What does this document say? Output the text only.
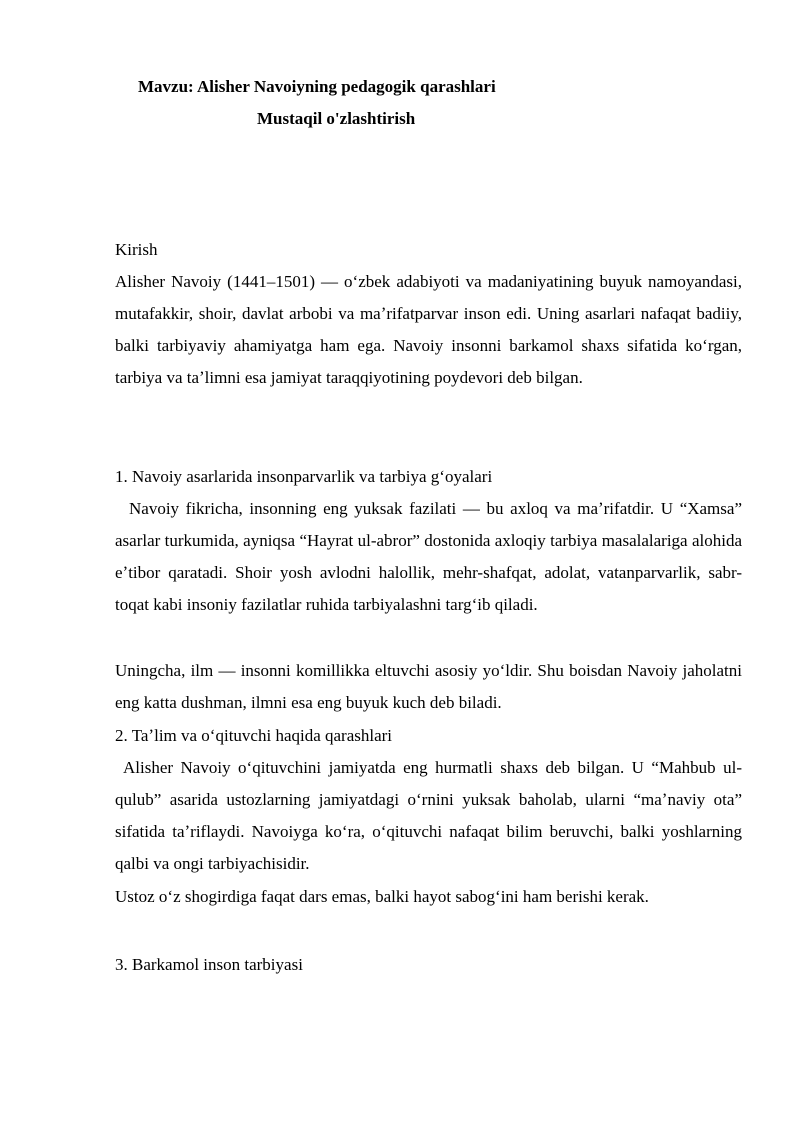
Mavzu: Alisher Navoiyning pedagogik qarashlari
Mustaqil o'zlashtirish

Kirish

Alisher Navoiy (1441–1501) — oʻzbek adabiyoti va madaniyatining buyuk namoyandasi, mutafakkir, shoir, davlat arbobi va maʼrifatparvar inson edi. Uning asarlari nafaqat badiiy, balki tarbiyaviy ahamiyatga ham ega. Navoiy insonni barkamol shaxs sifatida koʻrgan, tarbiya va taʼlimni esa jamiyat taraqqiyotining poydevori deb bilgan.

1. Navoiy asarlarida insonparvarlik va tarbiya gʻoyalari

Navoiy fikricha, insonning eng yuksak fazilati — bu axloq va maʼrifatdir. U “Xamsa” asarlar turkumida, ayniqsa “Hayrat ul-abror” dostonida axloqiy tarbiya masalalariga alohida eʼtibor qaratadi. Shoir yosh avlodni halollik, mehr-shafqat, adolat, vatanparvarlik, sabr-toqat kabi insoniy fazilatlar ruhida tarbiyalashni targʻib qiladi.

Uningcha, ilm — insonni komillikka eltuvchi asosiy yoʻldir. Shu boisdan Navoiy jaholatni eng katta dushman, ilmni esa eng buyuk kuch deb biladi.

2. Taʼlim va oʻqituvchi haqida qarashlari

Alisher Navoiy oʻqituvchini jamiyatda eng hurmatli shaxs deb bilgan. U “Mahbub ul-qulub” asarida ustozlarning jamiyatdagi oʻrnini yuksak baholab, ularni “maʼnaviy ota” sifatida taʼriflaydi. Navoiyga koʻra, oʻqituvchi nafaqat bilim beruvchi, balki yoshlarning qalbi va ongi tarbiyachisidir.

Ustoz oʻz shogirdiga faqat dars emas, balki hayot sabogʻini ham berishi kerak.

3. Barkamol inson tarbiyasi
